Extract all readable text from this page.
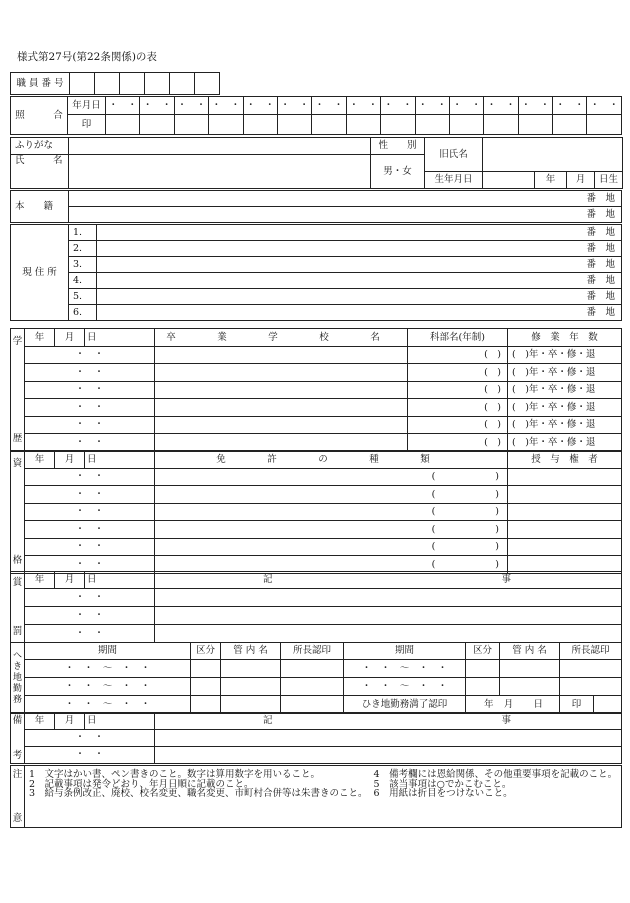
様式第27号(第22条関係)の表
職 員 番 号						
照　　　合	年月日	・　・	・　・	・　・	・　・	・　・	・　・	・　・	・　・	・　・	・　・	・　・	・　・	・　・	・　・	・　・
	印															
ふりがな		性　　別	旧氏名				
氏　　　名		男・女					
			生年月日		年	月	日生
本　　籍	番　地
番　地
現 住 所	1.	番　地
	2.	番　地
	3.	番　地
	4.	番　地
	5.	番　地
	6.	番　地
学
歴	年	月	日	卒　業　学　校　名	科部名(年制)	修　業　年　数
	・　・				(　)	(　)年・卒・修・退
	・　・				(　)	(　)年・卒・修・退
	・　・				(　)	(　)年・卒・修・退
	・　・				(　)	(　)年・卒・修・退
	・　・				(　)	(　)年・卒・修・退
	・　・				(　)	(　)年・卒・修・退
資
格	年	月	日	免　許　の　種　類	授　与　権　者
	・　・			( )	

	・　・			( )	

	・　・			( )	

	・　・			( )	

	・　・			( )	

	・　・			( )	

賞
罰	年	月	日	記 事

	・　・			
	・　・			
	・　・			
へ
き
地
勤
務	期間	区分	管 内 名	所長認印	期間	区分	管 内 名		所長認印	
	・　・　〜　・　・				・　・　〜　・　・					
	・　・　〜　・　・				・　・　〜　・　・					
	・　・　〜　・　・				ひき地勤務満了認印	年	月	日	印	
備
考	年	月	日	記 事

	・　・			
	・　・			
注
意

1　文字はかい書、ペン書きのこと。数字は算用数字を用いること。
2　記載事項は発令どおり、年月日順に記載のこと。
3　給与条例改正、廃校、校名変更、職名変更、市町村合併等は朱書きのこと。
4　備考欄には恩給関係、その他重要事項を記載のこと。
5　該当事項は○でかこむこと。
6　用紙は折目をつけないこと。
